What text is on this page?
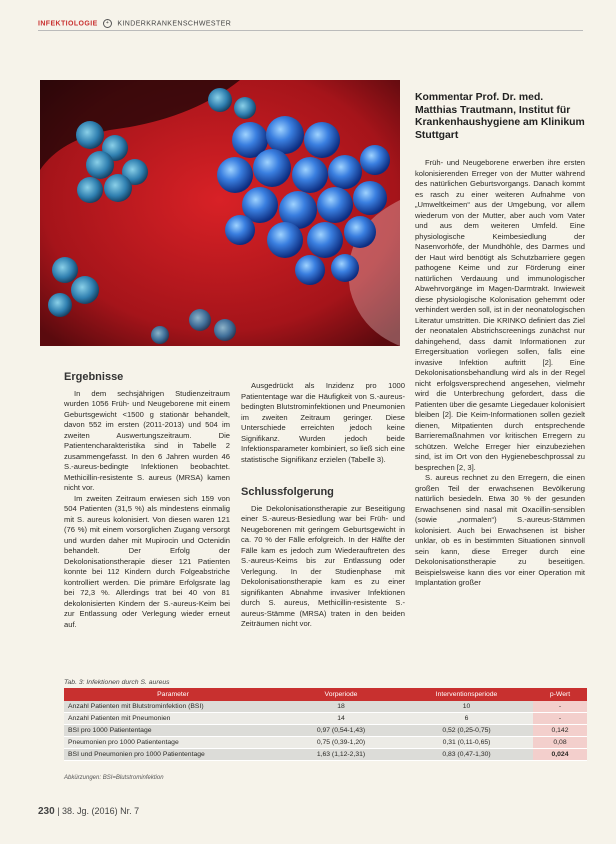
INFEKTIOLOGIE + KINDERKRANKENSCHWESTER
Ergebnisse

In dem sechsjährigen Studienzeitraum wurden 1056 Früh- und Neugeborene mit einem Geburtsgewicht <1500 g stationär behandelt, davon 552 im ersten (2011-2013) und 504 im zweiten Auswertungszeitraum. Die Patientencharakteristika sind in Tabelle 2 zusammengefasst. In den 6 Jahren wurden 46 S.-aureus-bedingte Infektionen beobachtet. Methicillin-resistente S. aureus (MRSA) kamen nicht vor.

Im zweiten Zeitraum erwiesen sich 159 von 504 Patienten (31,5 %) als mindestens einmalig mit S. aureus kolonisiert. Von diesen waren 121 (76 %) mit einem vorsorglichen Zugang versorgt und wurden daher mit Mupirocin und Octenidin behandelt. Der Erfolg der Dekolonisationstherapie dieser 121 Patienten konnte bei 112 Kindern durch Folgeabstriche kontrolliert werden. Die primäre Erfolgsrate lag bei 72,3 %. Allerdings trat bei 40 von 81 dekolonisierten Kindern der S.-aureus-Keim bei zur Entlassung oder Verlegung wieder erneut auf.

Ausgedrückt als Inzidenz pro 1000 Patiententage war die Häufigkeit von S.-aureus-bedingten Blutstrominfektionen und Pneumonien im zweiten Zeitraum geringer. Diese Unterschiede erreichten jedoch keine Signifikanz. Wurden jedoch beide Infektionsparameter kombiniert, so ließ sich eine statistische Signifikanz erzielen (Tabelle 3).

Schlussfolgerung

Die Dekolonisationstherapie zur Beseitigung einer S.-aureus-Besiedlung war bei Früh- und Neugeborenen mit geringem Geburtsgewicht in ca. 70 % der Fälle erfolgreich. In der Hälfte der Fälle kam es jedoch zum Wiederauftreten des S.-aureus-Keims bis zur Entlassung oder Verlegung. In der Studienphase mit Dekolonisationstherapie kam es zu einer signifikanten Abnahme invasiver Infektionen durch S. aureus, Methicillin-resistente S.-aureus-Stämme (MRSA) traten in den beiden Zeiträumen nicht vor.

Kommentar Prof. Dr. med. Matthias Trautmann, Institut für Krankenhaushygiene am Klinikum Stuttgart

Früh- und Neugeborene erwerben ihre ersten kolonisierenden Erreger von der Mutter während des natürlichen Geburtsvorgangs. Danach kommt es rasch zu einer weiteren Aufnahme von „Umweltkeimen“ aus der Umgebung, vor allem wiederum von der Mutter, aber auch vom Vater und aus dem weiteren Umfeld. Eine physiologische Keimbesiedlung der Nasenvorhöfe, der Mundhöhle, des Darmes und der Haut wird benötigt als Schutzbarriere gegen pathogene Keime und zur Förderung einer natürlichen Verdauung und immunologischer Abwehrvorgänge im Magen-Darmtrakt. Inwieweit diese physiologische Kolonisation gehemmt oder verhindert werden soll, ist in der neonatologischen Literatur umstritten. Die KRINKO definiert das Ziel der neonatalen Abstrichscreenings zunächst nur dahingehend, dass damit Informationen zur Erregersituation vorliegen sollen, falls eine invasive Infektion auftritt [2]. Eine Dekolonisationsbehandlung wird als in der Regel nicht erfolgsversprechend angesehen, vielmehr wird die Unterbrechung gefordert, dass die Patienten über die gesamte Liegedauer kolonisiert bleiben [2]. Die Keim-Informationen sollen gezielt dienen, Mitpatienten durch entsprechende Barrieremaßnahmen vor kritischen Erregern zu schützen. Welche Erreger hier einzubeziehen sind, ist im Ort von den Hygienebeschprossal zu besprechen [2, 3].

S. aureus rechnet zu den Erregern, die einen großen Teil der erwachsenen Bevölkerung natürlich besiedeln. Etwa 30 % der gesunden Erwachsenen sind nasal mit Oxacillin-sensiblen (sowie „normalen“) S.-aureus-Stämmen kolonisiert. Auch bei Erwachsenen ist bisher unklar, ob es in bestimmten Situationen sinnvoll sein kann, diese Erreger durch eine Dekolonisationstherapie zu beseitigen. Beispielsweise kann dies vor einer Operation mit Implantation großer

Tab. 3: Infektionen durch S. aureus
Parameter	Vorperiode	Interventionsperiode	p-Wert
Anzahl Patienten mit Blutstrominfektion (BSI)	18	10	-
Anzahl Patienten mit Pneumonien	14	6	-
BSI pro 1000 Patiententage	0,97 (0,54-1,43)	0,52 (0,25-0,75)	0,142
Pneumonien pro 1000 Patiententage	0,75 (0,39-1,20)	0,31 (0,11-0,65)	0,08
BSI und Pneumonien pro 1000 Patiententage	1,63 (1,12-2,31)	0,83 (0,47-1,30)	0,024
Abkürzungen: BSI=Blutstrominfektion
230 | 38. Jg. (2016) Nr. 7
